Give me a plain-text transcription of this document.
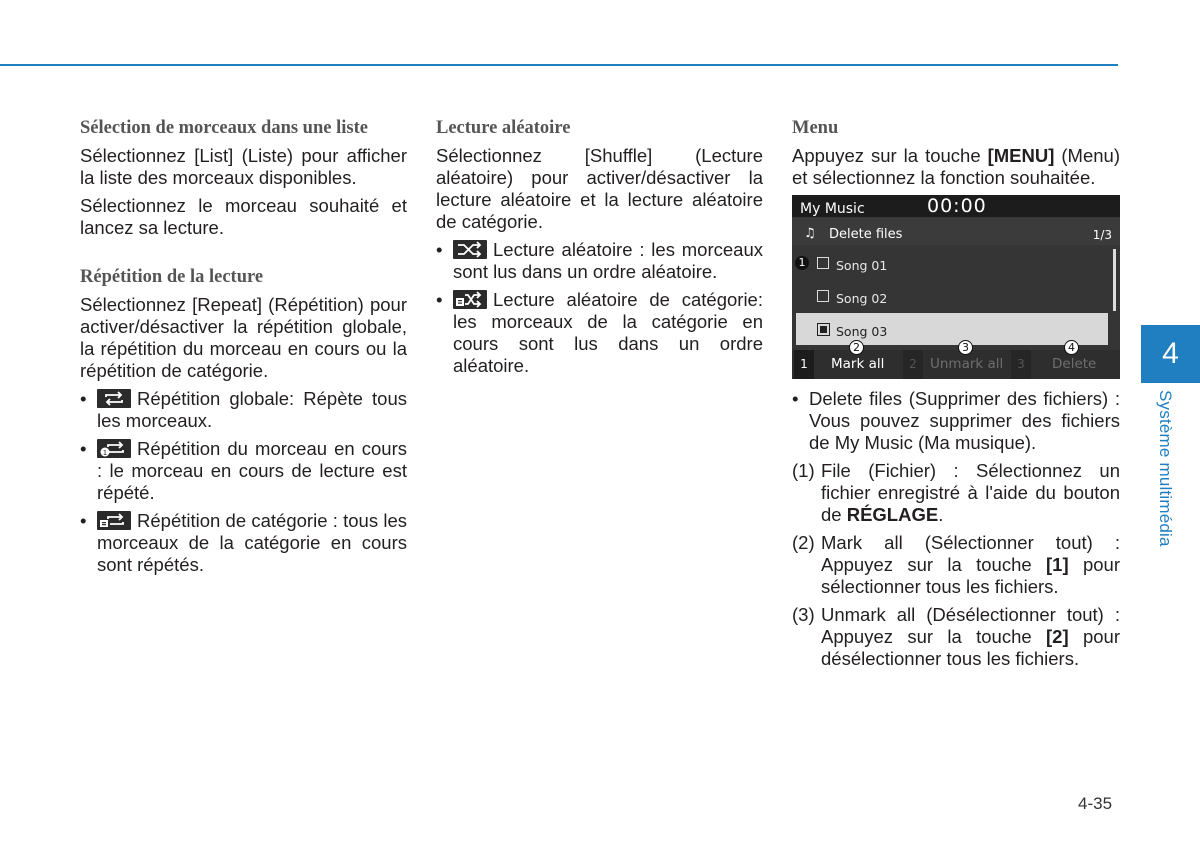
Sélection de morceaux dans une liste
Sélectionnez [List] (Liste) pour afficher la liste des morceaux disponibles.
Sélectionnez le morceau souhaité et lancez sa lecture.
Répétition de la lecture
Sélectionnez [Repeat] (Répétition) pour activer/désactiver la répétition globale, la répétition du morceau en cours ou la répétition de catégorie.
•	Répétition globale: Répète tous les morceaux.
•	1 Répétition du morceau en cours : le morceau en cours de lecture est répété.
•	Répétition de catégorie : tous les morceaux de la catégorie en cours sont répétés.
Lecture aléatoire
Sélectionnez [Shuffle] (Lecture aléatoire) pour activer/désactiver la lecture aléatoire et la lecture aléatoire de catégorie.
•	Lecture aléatoire : les morceaux sont lus dans un ordre aléatoire.
•	Lecture aléatoire de catégorie: les morceaux de la catégorie en cours sont lus dans un ordre aléatoire.
Menu
Appuyez sur la touche [MENU] (Menu) et sélectionnez la fonction souhaitée.
My Music	00:00
♫ Delete files	1/3
Song 01
Song 02
Song 03
1
1	Mark all	2 Unmark all	3	Delete
2	3	4
• Delete files (Supprimer des fichiers) : Vous pouvez supprimer des fichiers de My Music (Ma musique).
(1) File (Fichier) : Sélectionnez un fichier enregistré à l'aide du bouton de RÉGLAGE.
(2) Mark all (Sélectionner tout) : Appuyez sur la touche [1] pour sélectionner tous les fichiers.
(3) Unmark all (Désélectionner tout) : Appuyez sur la touche [2] pour désélectionner tous les fichiers.
4
Système multimédia
4-35
